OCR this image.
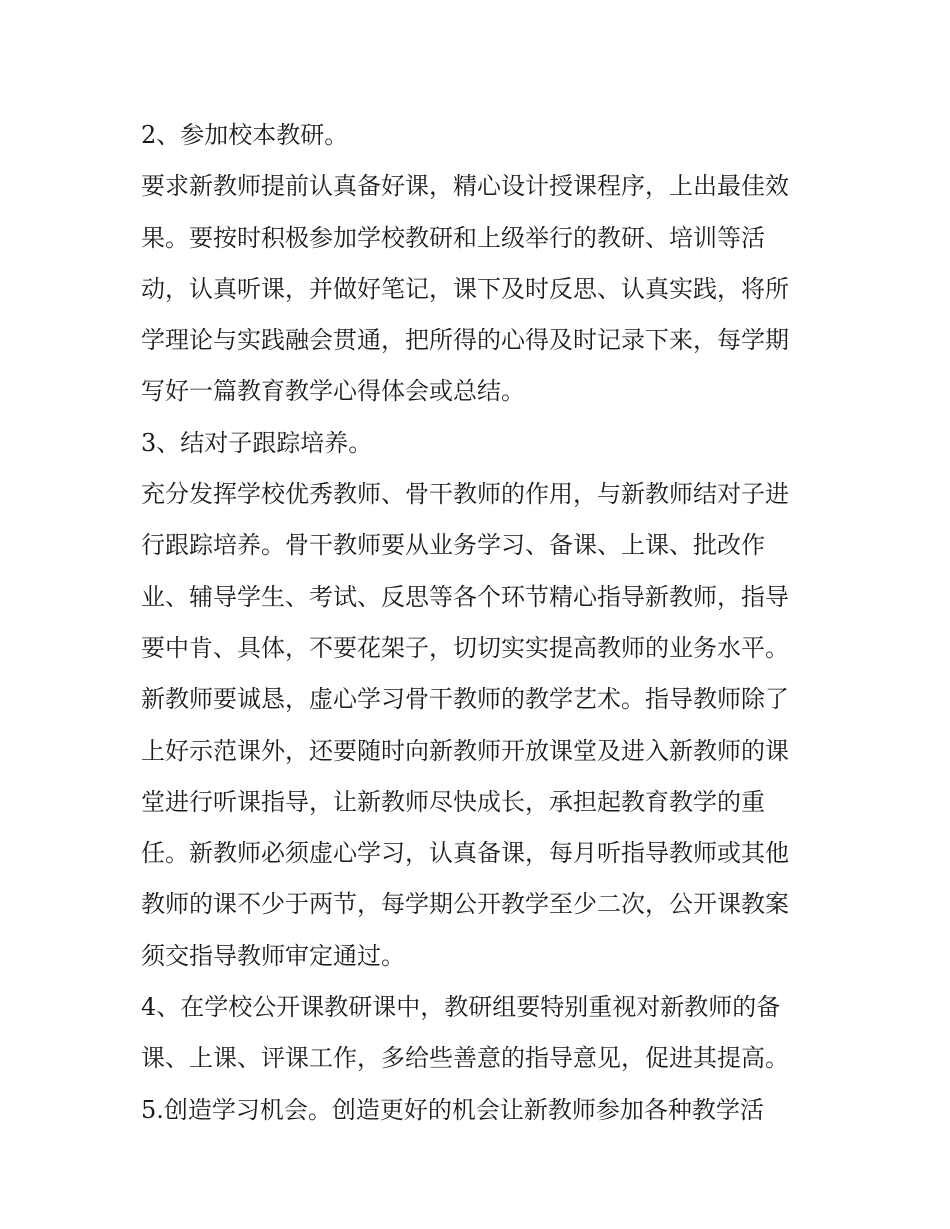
2、参加校本教研。
要求新教师提前认真备好课，精心设计授课程序，上出最佳效
果。要按时积极参加学校教研和上级举行的教研、培训等活
动，认真听课，并做好笔记，课下及时反思、认真实践，将所
学理论与实践融会贯通，把所得的心得及时记录下来，每学期
写好一篇教育教学心得体会或总结。
3、结对子跟踪培养。
充分发挥学校优秀教师、骨干教师的作用，与新教师结对子进
行跟踪培养。骨干教师要从业务学习、备课、上课、批改作
业、辅导学生、考试、反思等各个环节精心指导新教师，指导
要中肯、具体，不要花架子，切切实实提高教师的业务水平。
新教师要诚恳，虚心学习骨干教师的教学艺术。指导教师除了
上好示范课外，还要随时向新教师开放课堂及进入新教师的课
堂进行听课指导，让新教师尽快成长，承担起教育教学的重
任。新教师必须虚心学习，认真备课，每月听指导教师或其他
教师的课不少于两节，每学期公开教学至少二次，公开课教案
须交指导教师审定通过。
4、在学校公开课教研课中，教研组要特别重视对新教师的备
课、上课、评课工作，多给些善意的指导意见，促进其提高。
5.创造学习机会。创造更好的机会让新教师参加各种教学活
